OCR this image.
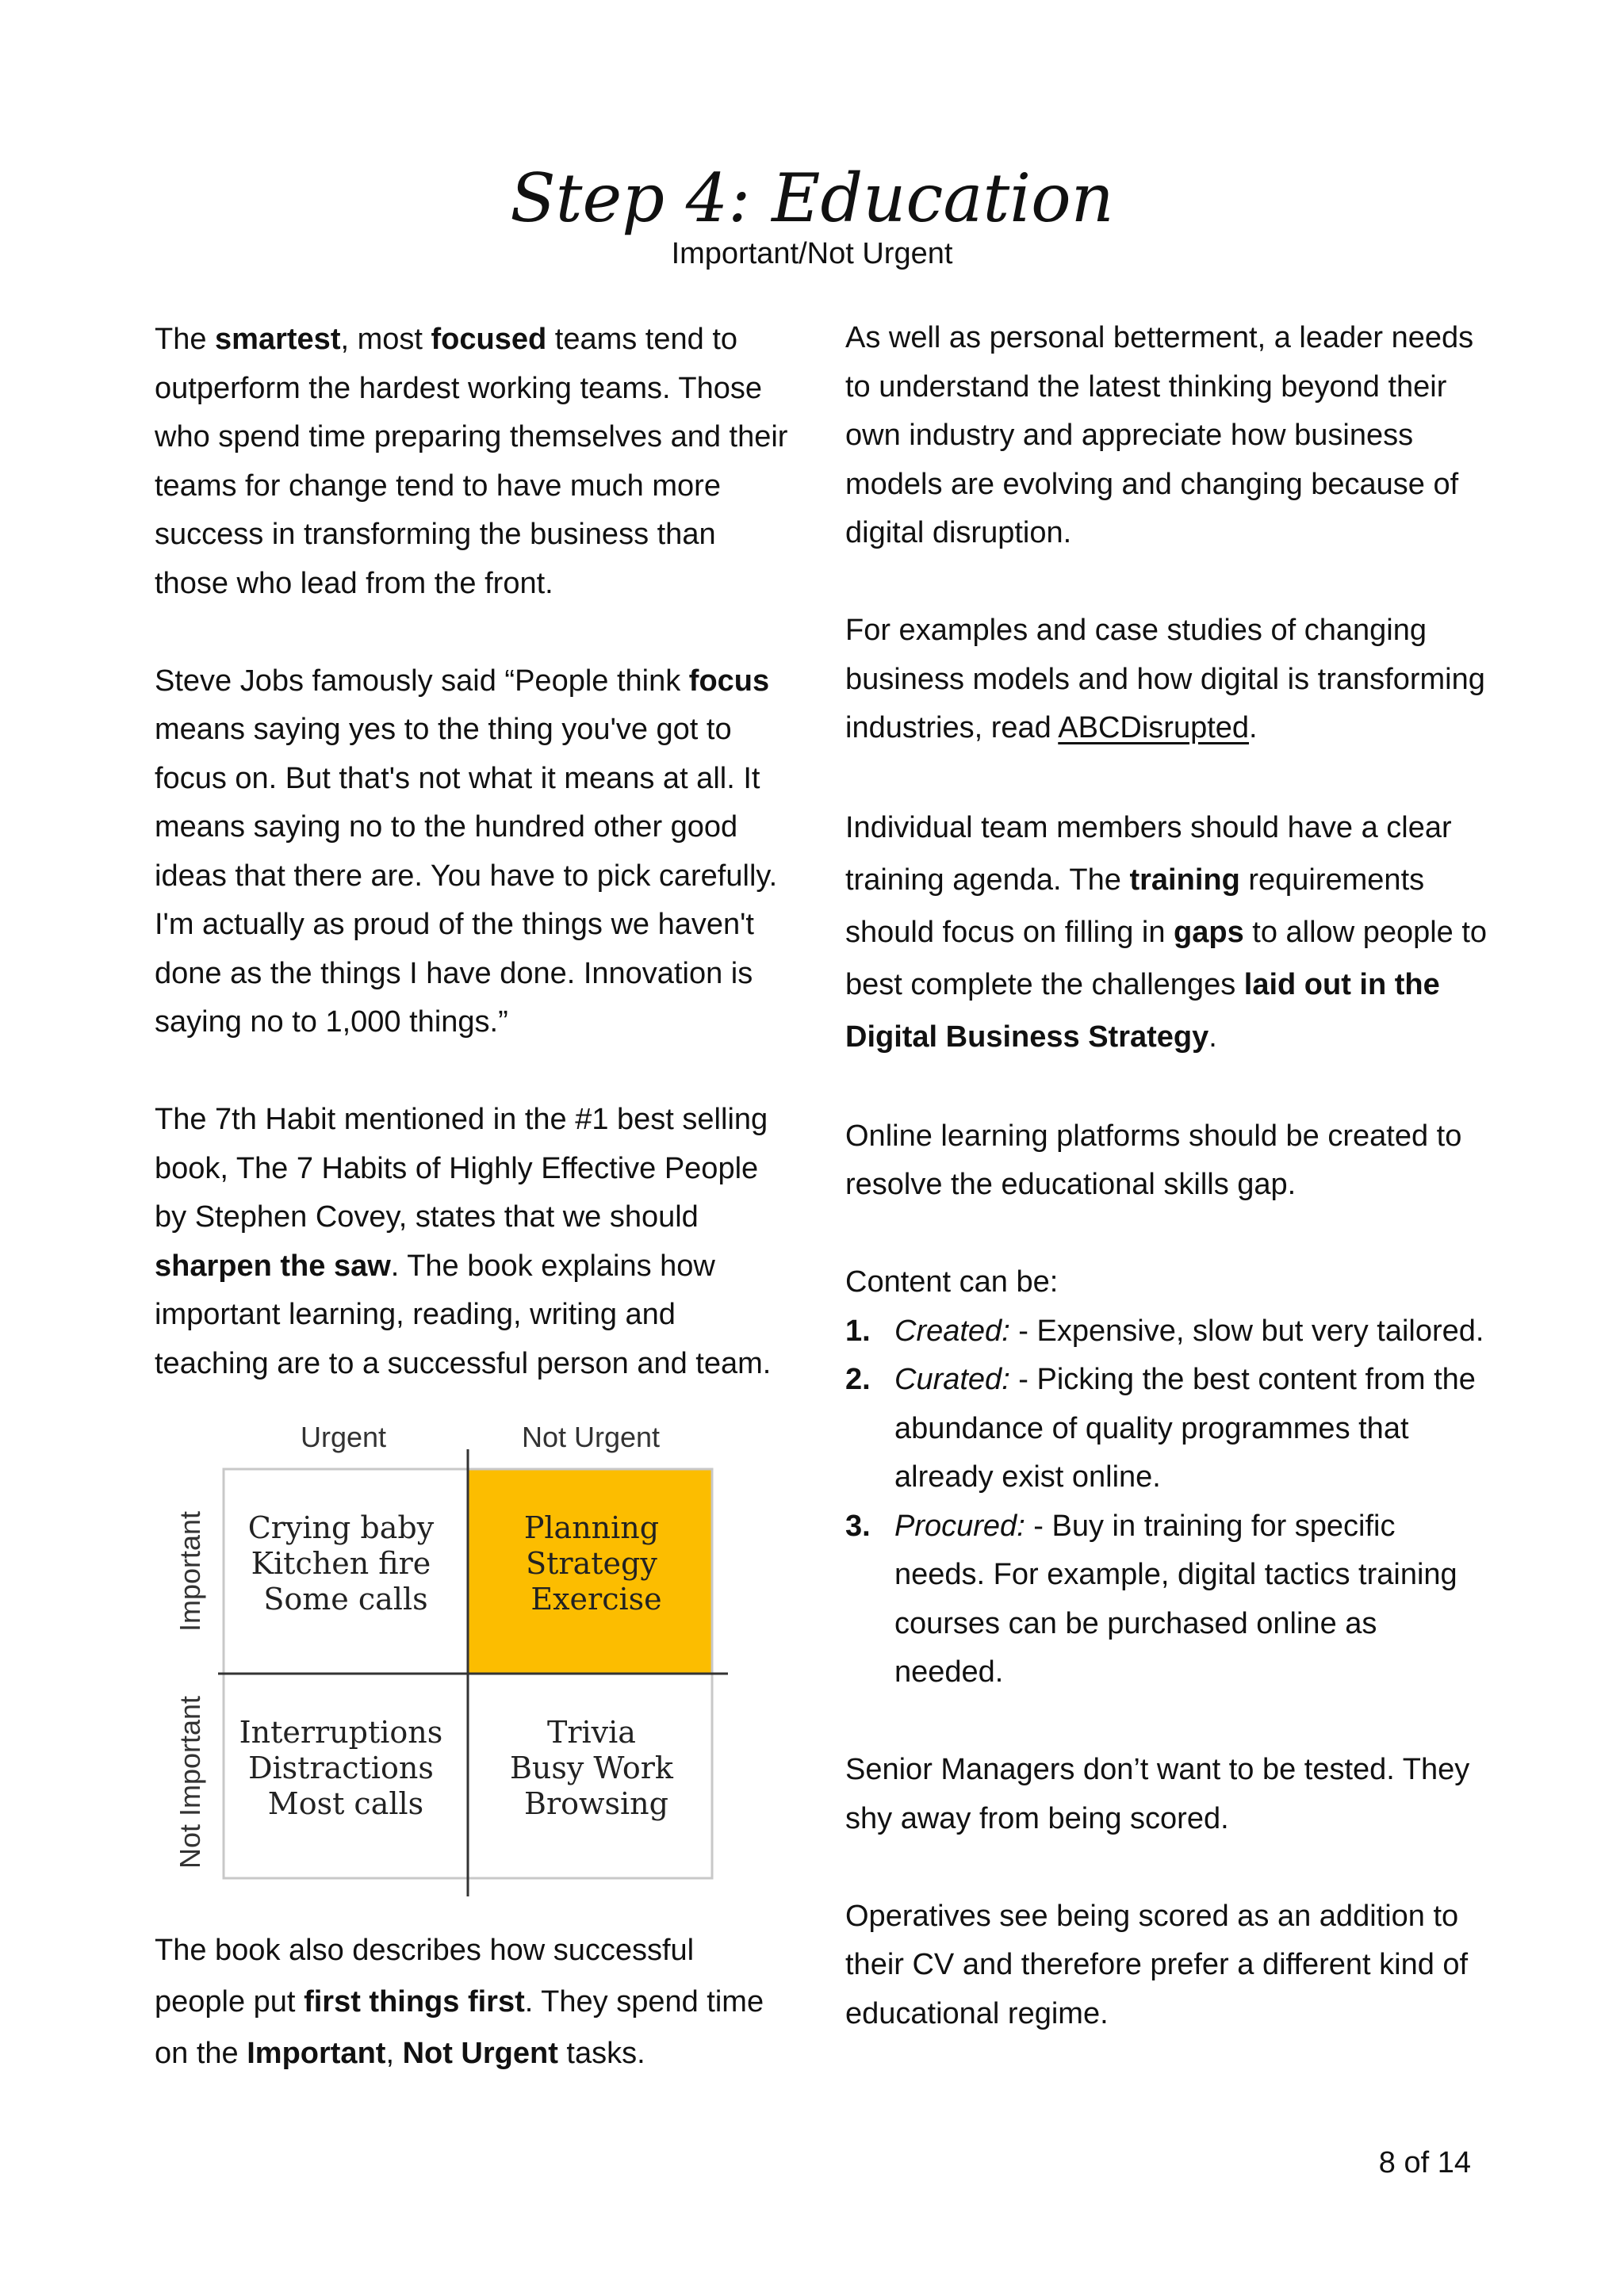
Step 4: Education
Important/Not Urgent

The smartest, most focused teams tend to outperform the hardest working teams. Those who spend time preparing themselves and their teams for change tend to have much more success in transforming the business than those who lead from the front.

Steve Jobs famously said “People think focus means saying yes to the thing you've got to focus on. But that's not what it means at all. It means saying no to the hundred other good ideas that there are. You have to pick carefully. I'm actually as proud of the things we haven't done as the things I have done. Innovation is saying no to 1,000 things.”

The 7th Habit mentioned in the #1 best selling book, The 7 Habits of Highly Effective People by Stephen Covey, states that we should sharpen the saw. The book explains how important learning, reading, writing and teaching are to a successful person and team.

Urgent	Not Urgent
Important
Not Important
Crying baby Kitchen fire Some calls
Planning Strategy Exercise
Interruptions Distractions Most calls
Trivia Busy Work Browsing

The book also describes how successful people put first things first. They spend time on the Important, Not Urgent tasks.

As well as personal betterment, a leader needs to understand the latest thinking beyond their own industry and appreciate how business models are evolving and changing because of digital disruption.

For examples and case studies of changing business models and how digital is transforming industries, read ABCDisrupted.

Individual team members should have a clear training agenda. The training requirements should focus on filling in gaps to allow people to best complete the challenges laid out in the Digital Business Strategy.

Online learning platforms should be created to resolve the educational skills gap.

Content can be:
1. Created: - Expensive, slow but very tailored.
2. Curated: - Picking the best content from the abundance of quality programmes that already exist online.
3. Procured: - Buy in training for specific needs. For example, digital tactics training courses can be purchased online as needed.

Senior Managers don’t want to be tested. They shy away from being scored.

Operatives see being scored as an addition to their CV and therefore prefer a different kind of educational regime.

8 of 14
